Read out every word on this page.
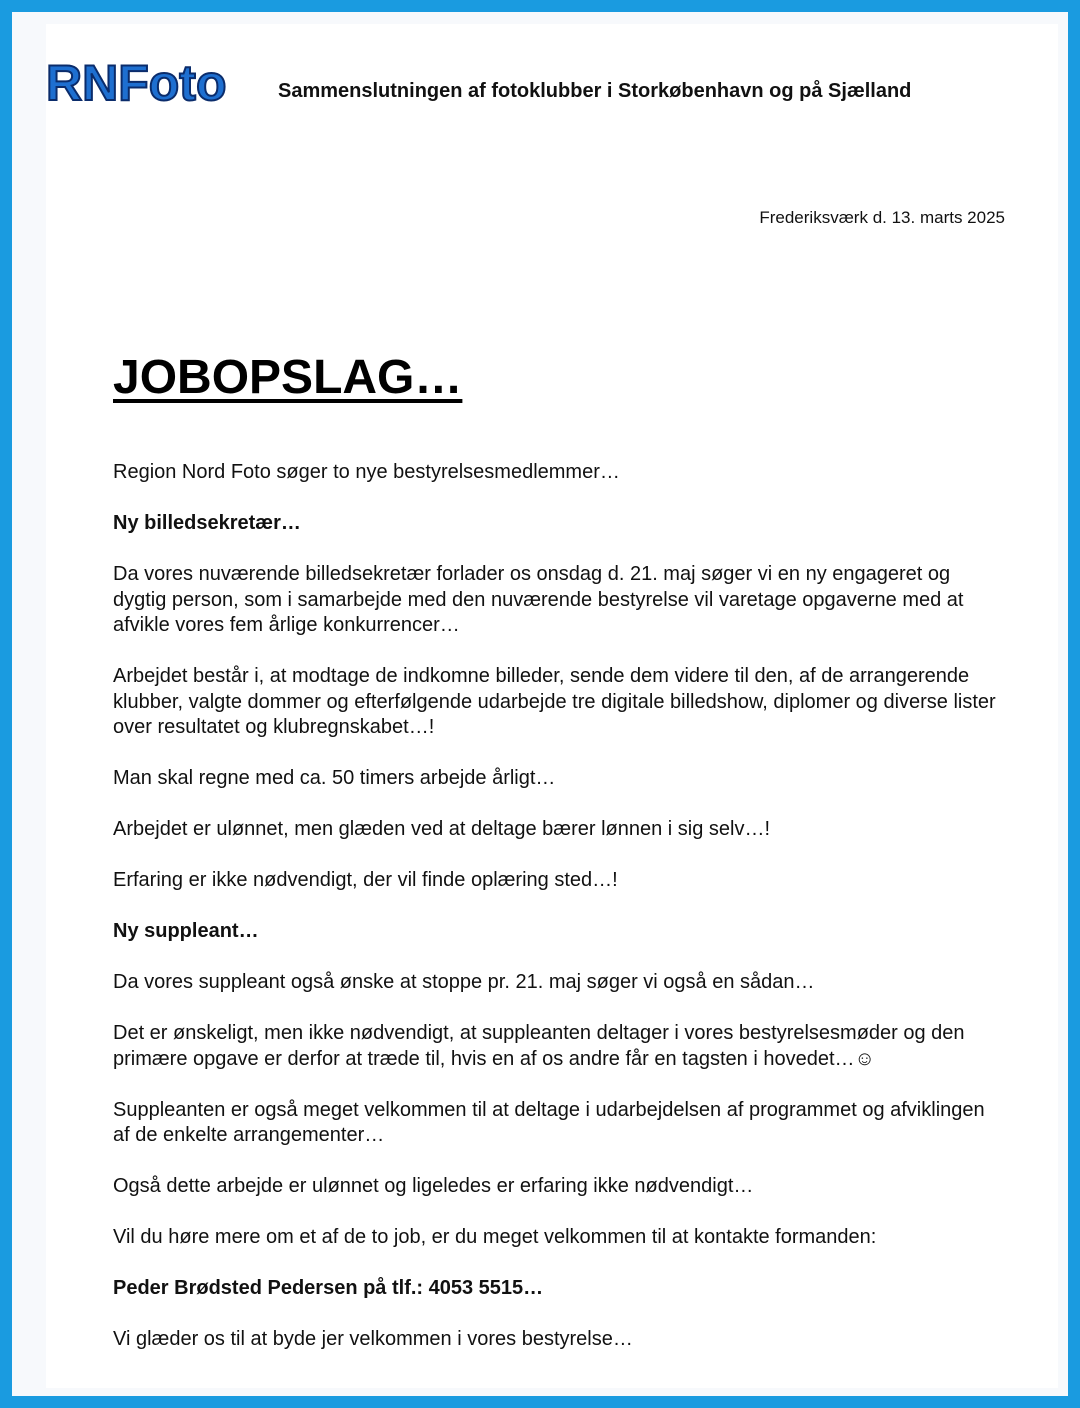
RNFoto	Sammenslutningen af fotoklubber i Storkøbenhavn og på Sjælland
Frederiksværk d. 13. marts 2025
JOBOPSLAG…

Region Nord Foto søger to nye bestyrelsesmedlemmer…

Ny billedsekretær…

Da vores nuværende billedsekretær forlader os onsdag d. 21. maj søger vi en ny engageret og dygtig person, som i samarbejde med den nuværende bestyrelse vil varetage opgaverne med at afvikle vores fem årlige konkurrencer…

Arbejdet består i, at modtage de indkomne billeder, sende dem videre til den, af de arrangerende klubber, valgte dommer og efterfølgende udarbejde tre digitale billedshow, diplomer og diverse lister over resultatet og klubregnskabet…!

Man skal regne med ca. 50 timers arbejde årligt…

Arbejdet er ulønnet, men glæden ved at deltage bærer lønnen i sig selv…!

Erfaring er ikke nødvendigt, der vil finde oplæring sted…!

Ny suppleant…

Da vores suppleant også ønske at stoppe pr. 21. maj søger vi også en sådan…

Det er ønskeligt, men ikke nødvendigt, at suppleanten deltager i vores bestyrelsesmøder og den primære opgave er derfor at træde til, hvis en af os andre får en tagsten i hovedet…☺

Suppleanten er også meget velkommen til at deltage i udarbejdelsen af programmet og afviklingen af de enkelte arrangementer…

Også dette arbejde er ulønnet og ligeledes er erfaring ikke nødvendigt…

Vil du høre mere om et af de to job, er du meget velkommen til at kontakte formanden:

Peder Brødsted Pedersen på tlf.: 4053 5515…

Vi glæder os til at byde jer velkommen i vores bestyrelse…
